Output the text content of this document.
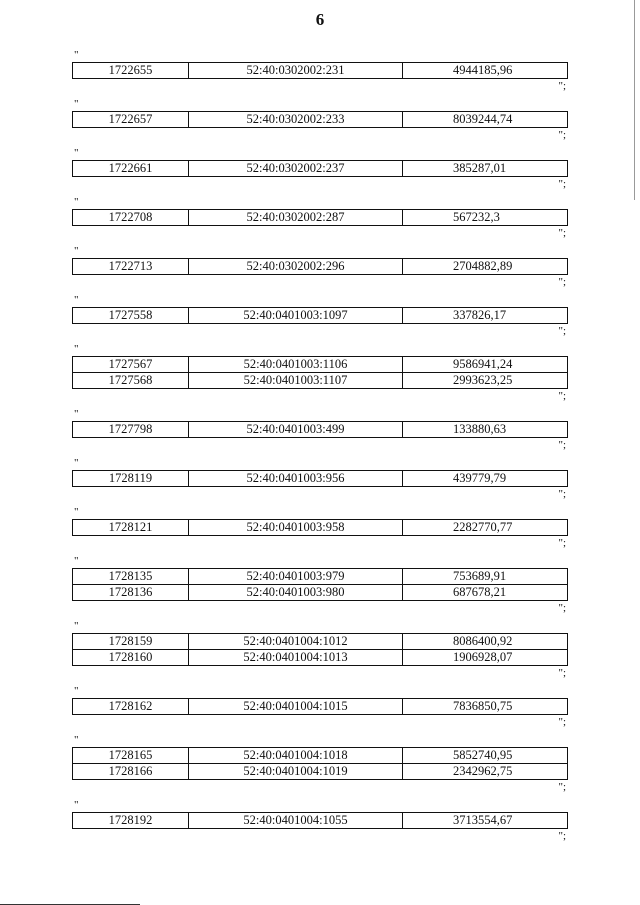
6
"
1722655	52:40:0302002:231	4944185,96
";
"
1722657	52:40:0302002:233	8039244,74
";
"
1722661	52:40:0302002:237	385287,01
";
"
1722708	52:40:0302002:287	567232,3
";
"
1722713	52:40:0302002:296	2704882,89
";
"
1727558	52:40:0401003:1097	337826,17
";
"
1727567	52:40:0401003:1106	9586941,24
1727568	52:40:0401003:1107	2993623,25
";
"
1727798	52:40:0401003:499	133880,63
";
"
1728119	52:40:0401003:956	439779,79
";
"
1728121	52:40:0401003:958	2282770,77
";
"
1728135	52:40:0401003:979	753689,91
1728136	52:40:0401003:980	687678,21
";
"
1728159	52:40:0401004:1012	8086400,92
1728160	52:40:0401004:1013	1906928,07
";
"
1728162	52:40:0401004:1015	7836850,75
";
"
1728165	52:40:0401004:1018	5852740,95
1728166	52:40:0401004:1019	2342962,75
";
"
1728192	52:40:0401004:1055	3713554,67
";
